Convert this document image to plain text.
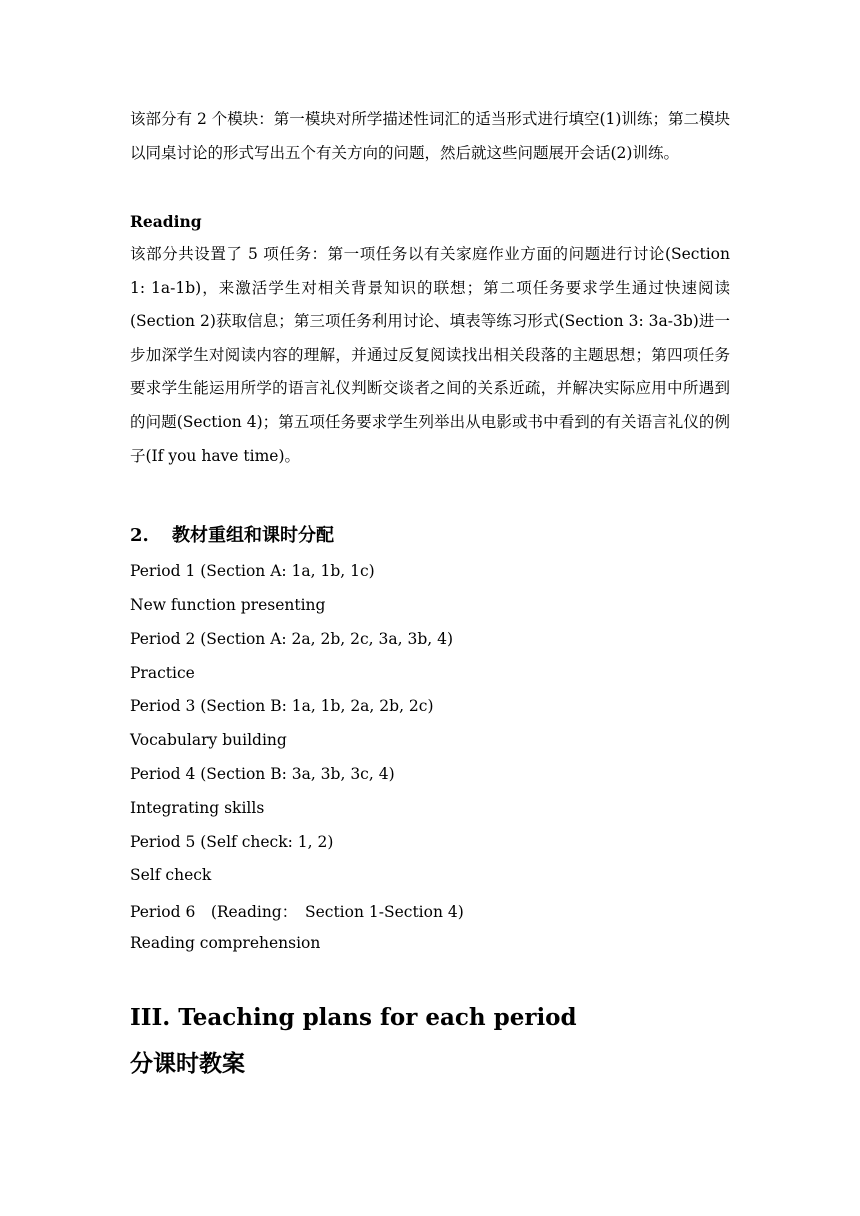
该部分有 2 个模块：第一模块对所学描述性词汇的适当形式进行填空(1)训练；第二模块以同桌讨论的形式写出五个有关方向的问题，然后就这些问题展开会话(2)训练。
Reading
该部分共设置了 5 项任务：第一项任务以有关家庭作业方面的问题进行讨论(Section 1: 1a-1b)，来激活学生对相关背景知识的联想；第二项任务要求学生通过快速阅读(Section 2)获取信息；第三项任务利用讨论、填表等练习形式(Section 3: 3a-3b)进一步加深学生对阅读内容的理解，并通过反复阅读找出相关段落的主题思想；第四项任务要求学生能运用所学的语言礼仪判断交谈者之间的关系近疏，并解决实际应用中所遇到的问题(Section 4)；第五项任务要求学生列举出从电影或书中看到的有关语言礼仪的例子(If you have time)。
2. 教材重组和课时分配
Period 1 (Section A: 1a, 1b, 1c)
New function presenting
Period 2 (Section A: 2a, 2b, 2c, 3a, 3b, 4)
Practice
Period 3 (Section B: 1a, 1b, 2a, 2b, 2c)
Vocabulary building
Period 4 (Section B: 3a, 3b, 3c, 4)
Integrating skills
Period 5 (Self check: 1, 2)
Self check
Period 6　(Reading：　Section 1-Section 4)
Reading comprehension
III. Teaching plans for each period
分课时教案
